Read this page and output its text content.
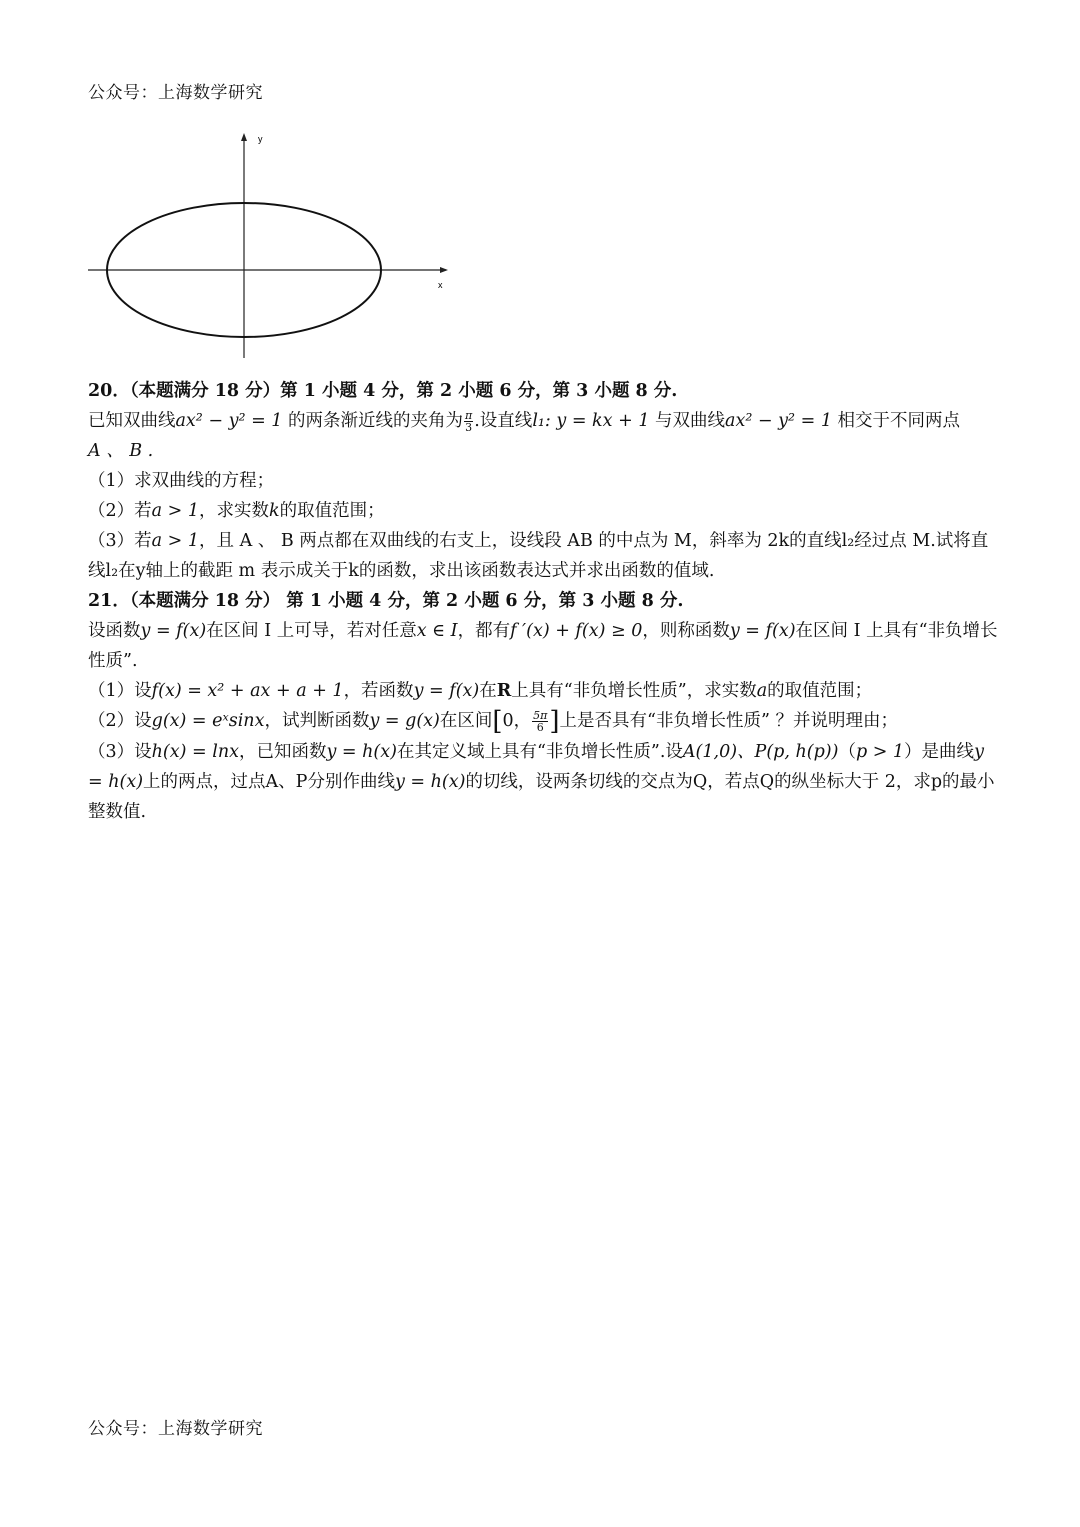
公众号：上海数学研究
y
x

20．（本题满分 18 分）第 1 小题 4 分，第 2 小题 6 分，第 3 小题 8 分.

已知双曲线ax² − y² = 1 的两条渐近线的夹角为 $\frac{\pi}{3}$ .设直线l₁: y = kx + 1 与双曲线ax² − y² = 1 相交于不同两点
A 、 B .

（1）求双曲线的方程；

（2）若a > 1，求实数k的取值范围；

（3）若a > 1，且 A 、 B 两点都在双曲线的右支上，设线段 AB 的中点为 M，斜率为 2k的直线l₂经过点 M.试将直线l₂在y轴上的截距 m 表示成关于k的函数，求出该函数表达式并求出函数的值域.

21．（本题满分 18 分） 第 1 小题 4 分，第 2 小题 6 分，第 3 小题 8 分.

设函数y = f(x)在区间 I 上可导，若对任意x ∈ I，都有f ′(x) + f(x) ≥ 0，则称函数y = f(x)在区间 I 上具有“非负增长性质”.

（1）设f(x) = x² + ax + a + 1，若函数y = f(x)在R上具有“非负增长性质”，求实数a的取值范围；

（2）设g(x) = eˣsinx，试判断函数y = g(x)在区间[0， $\frac{5\pi}{6}$ ]上是否具有“非负增长性质” ？并说明理由；

（3）设h(x) = lnx，已知函数y = h(x)在其定义域上具有“非负增长性质”.设A(1,0)、P(p, h(p))（p > 1）是曲线y = h(x)上的两点，过点A、P分别作曲线y = h(x)的切线，设两条切线的交点为Q，若点Q的纵坐标大于 2，求p的最小整数值.

公众号：上海数学研究
